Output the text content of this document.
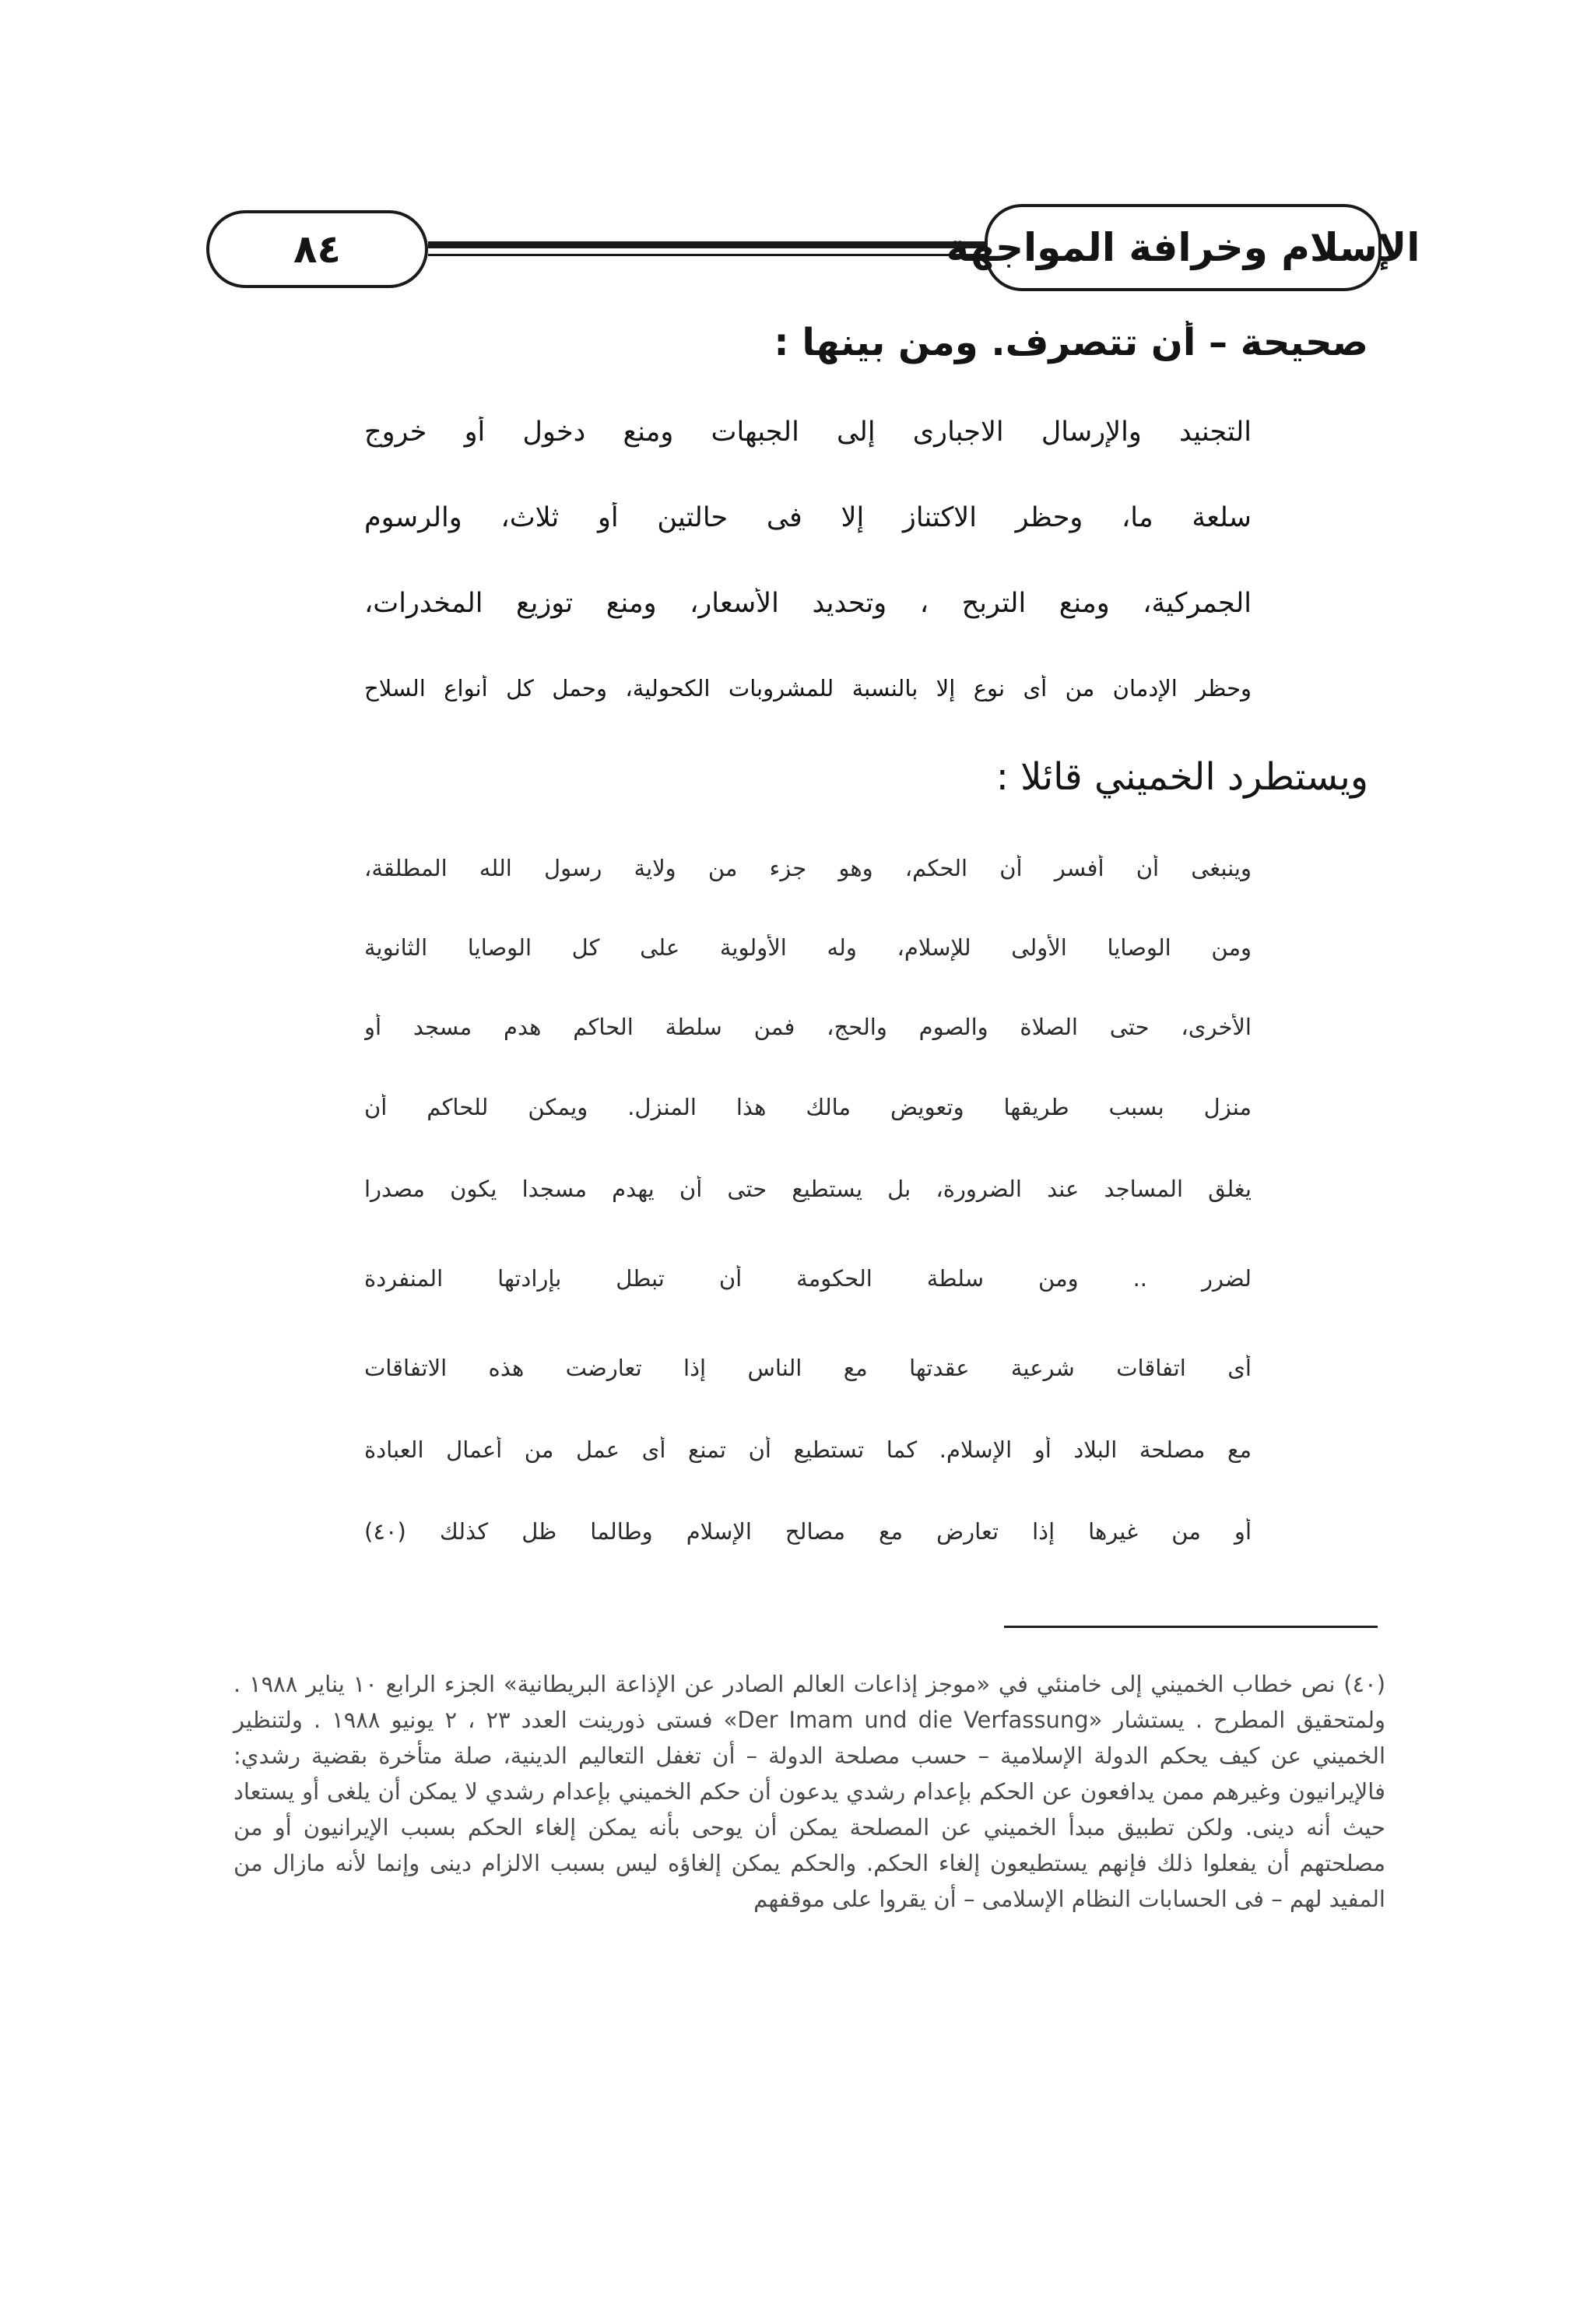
٨٤	الإسلام وخرافة المواجهة
صحيحة – أن تتصرف. ومن بينها :
التجنيد والإرسال الاجبارى إلى الجبهات ومنع دخول أو خروج
سلعة ما، وحظر الاكتناز إلا فى حالتين أو ثلاث، والرسوم
الجمركية، ومنع التربح ، وتحديد الأسعار، ومنع توزيع المخدرات،
وحظر الإدمان من أى نوع إلا بالنسبة للمشروبات الكحولية، وحمل كل أنواع السلاح
ويستطرد الخميني قائلا :
وينبغى أن أفسر أن الحكم، وهو جزء من ولاية رسول الله المطلقة،
ومن الوصايا الأولى للإسلام، وله الأولوية على كل الوصايا الثانوية
الأخرى، حتى الصلاة والصوم والحج، فمن سلطة الحاكم هدم مسجد أو
منزل بسبب طريقها وتعويض مالك هذا المنزل. ويمكن للحاكم أن
يغلق المساجد عند الضرورة، بل يستطيع حتى أن يهدم مسجدا يكون مصدرا
لضرر .. ومن سلطة الحكومة أن تبطل بإرادتها المنفردة
أى اتفاقات شرعية عقدتها مع الناس إذا تعارضت هذه الاتفاقات
مع مصلحة البلاد أو الإسلام. كما تستطيع أن تمنع أى عمل من أعمال العبادة
أو من غيرها إذا تعارض مع مصالح الإسلام وطالما ظل كذلك (٤٠)
(٤٠) نص خطاب الخميني إلى خامنئي في «موجز إذاعات العالم الصادر عن الإذاعة البريطانية» الجزء الرابع ١٠ يناير ١٩٨٨ . ولمتحقيق المطرح . يستشار «Der Imam und die Verfassung» فستى ذورينت العدد ٢٣ ، ٢ يونيو ١٩٨٨ . ولتنظير الخميني عن كيف يحكم الدولة الإسلامية – حسب مصلحة الدولة – أن تغفل التعاليم الدينية، صلة متأخرة بقضية رشدي: فالإيرانيون وغيرهم ممن يدافعون عن الحكم بإعدام رشدي يدعون أن حكم الخميني بإعدام رشدي لا يمكن أن يلغى أو يستعاد حيث أنه دينى. ولكن تطبيق مبدأ الخميني عن المصلحة يمكن أن يوحى بأنه يمكن إلغاء الحكم بسبب الإيرانيون أو من مصلحتهم أن يفعلوا ذلك فإنهم يستطيعون إلغاء الحكم. والحكم يمكن إلغاؤه ليس بسبب الالزام دينى وإنما لأنه مازال من المفيد لهم – فى الحسابات النظام الإسلامى – أن يقروا على موقفهم
